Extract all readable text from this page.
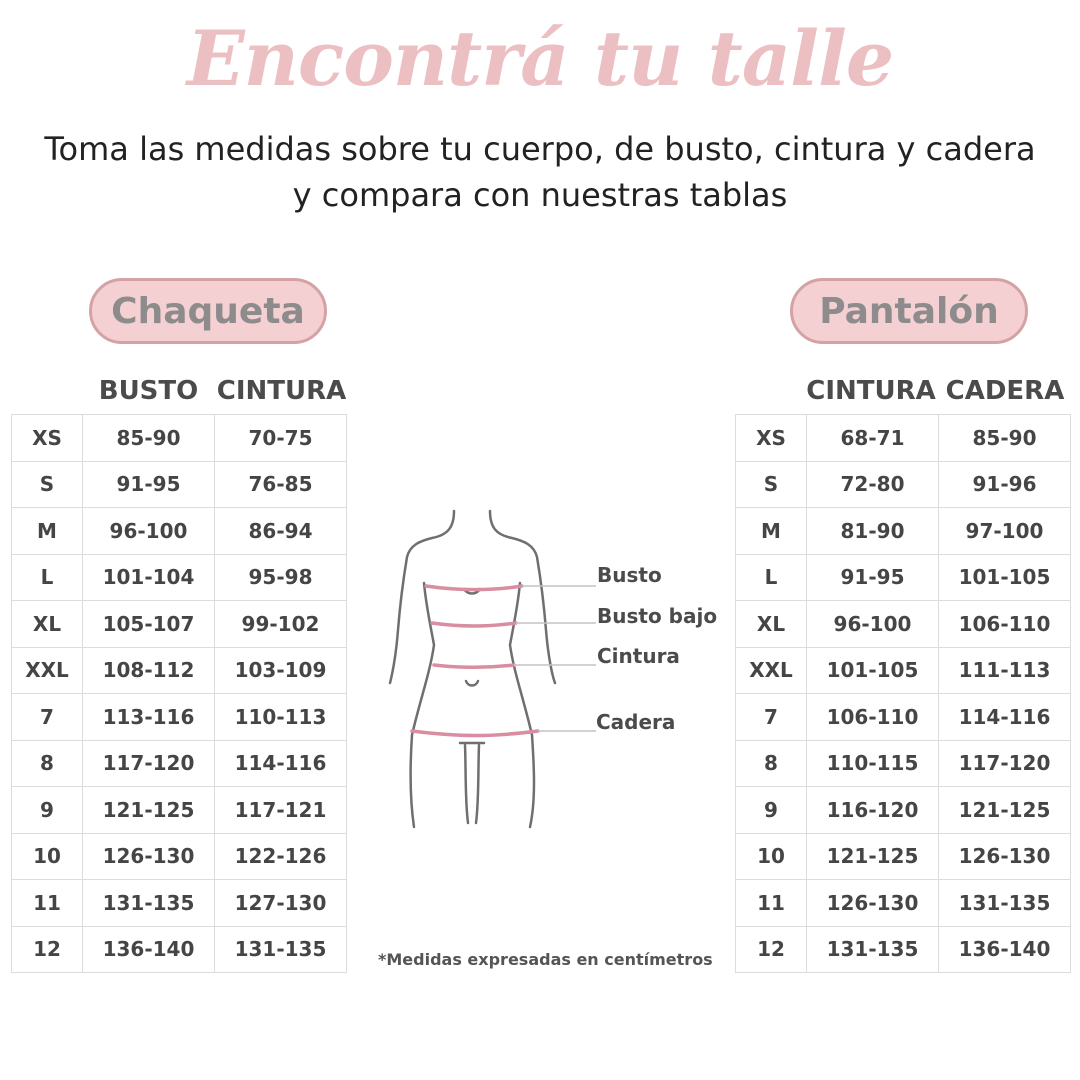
Encontrá tu talle
Toma las medidas sobre tu cuerpo, de busto, cintura y cadera y compara con nuestras tablas
Chaqueta	Pantalón
BUSTO CINTURA	CINTURA CADERA
XS	85-90	70-75
S	91-95	76-85
M	96-100	86-94
L	101-104	95-98
XL	105-107	99-102
XXL	108-112	103-109
7	113-116	110-113
8	117-120	114-116
9	121-125	117-121
10	126-130	122-126
11	131-135	127-130
12	136-140	131-135
XS	68-71	85-90
S	72-80	91-96
M	81-90	97-100
L	91-95	101-105
XL	96-100	106-110
XXL	101-105	111-113
7	106-110	114-116
8	110-115	117-120
9	116-120	121-125
10	121-125	126-130
11	126-130	131-135
12	131-135	136-140
Busto
Busto bajo
Cintura
Cadera
*Medidas expresadas en centímetros
